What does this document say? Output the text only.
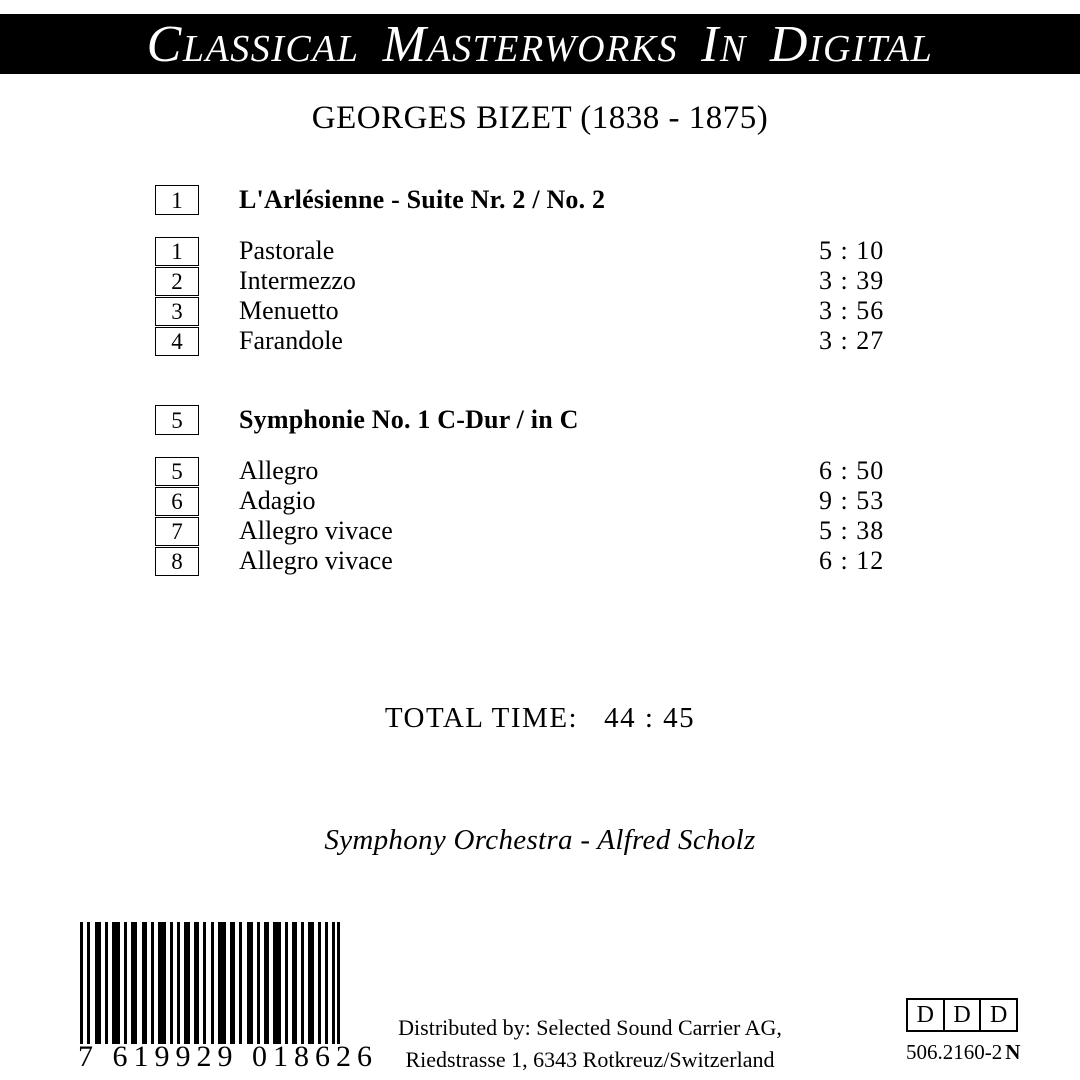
CLASSICAL MASTERWORKS IN DIGITAL
GEORGES BIZET (1838 - 1875)
1	L'Arlésienne - Suite Nr. 2 / No. 2
1	Pastorale	5 : 10
2	Intermezzo	3 : 39
3	Menuetto	3 : 56
4	Farandole	3 : 27
5	Symphonie No. 1 C-Dur / in C
5	Allegro	6 : 50
6	Adagio	9 : 53
7	Allegro vivace	5 : 38
8	Allegro vivace	6 : 12
TOTAL TIME: 44 : 45
Symphony Orchestra - Alfred Scholz
7 619929 018626
Distributed by: Selected Sound Carrier AG,
Riedstrasse 1, 6343 Rotkreuz/Switzerland
D D D
506.2160-2 N
